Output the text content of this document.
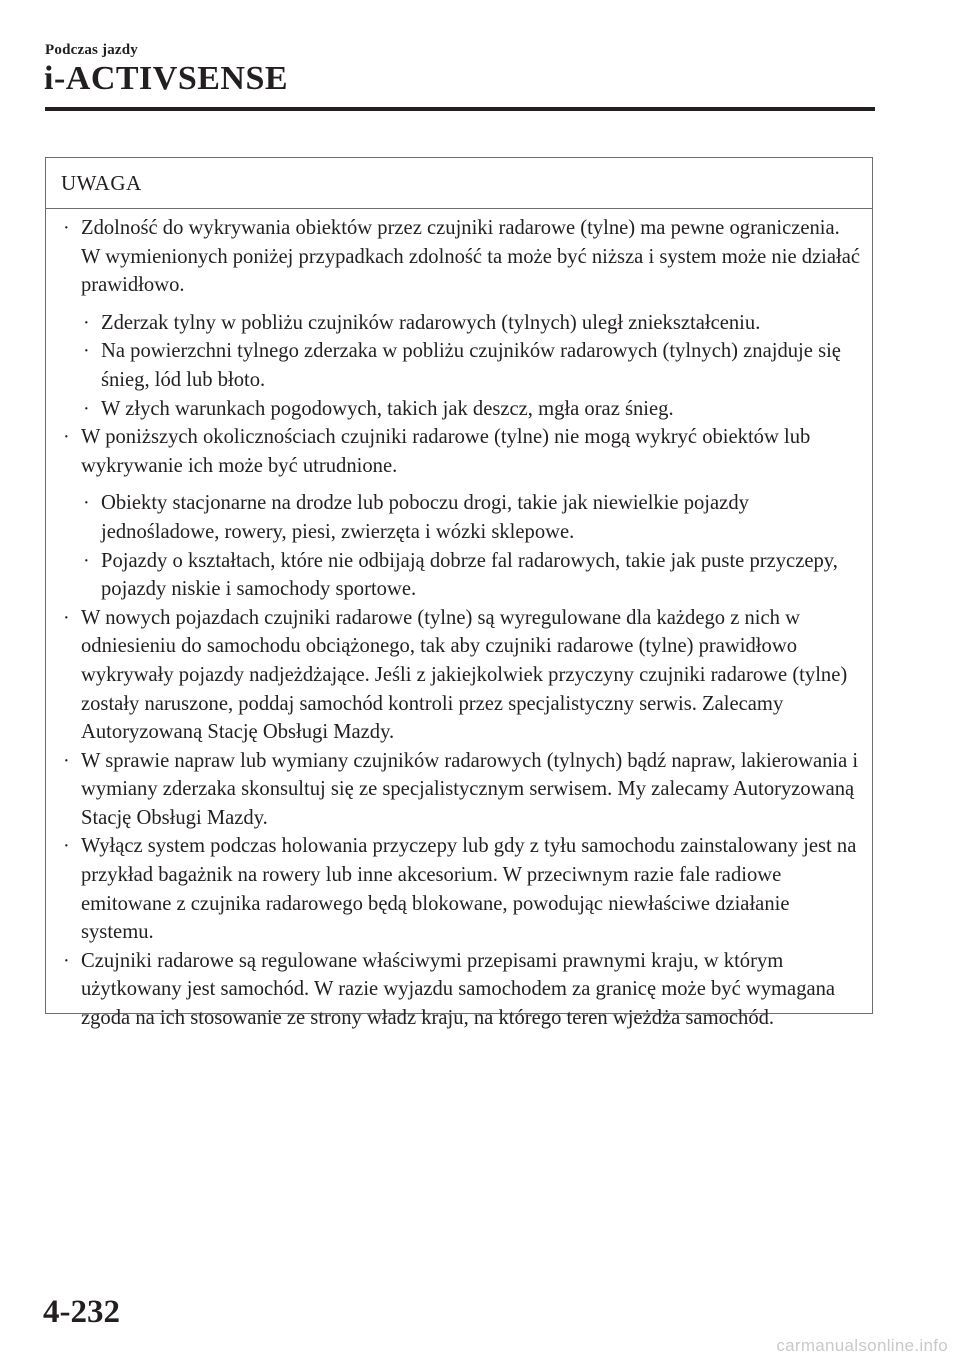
Podczas jazdy
i-ACTIVSENSE
UWAGA
· Zdolność do wykrywania obiektów przez czujniki radarowe (tylne) ma pewne ograniczenia. W wymienionych poniżej przypadkach zdolność ta może być niższa i system może nie działać prawidłowo.
· Zderzak tylny w pobliżu czujników radarowych (tylnych) uległ zniekształceniu.
· Na powierzchni tylnego zderzaka w pobliżu czujników radarowych (tylnych) znajduje się śnieg, lód lub błoto.
· W złych warunkach pogodowych, takich jak deszcz, mgła oraz śnieg.
· W poniższych okolicznościach czujniki radarowe (tylne) nie mogą wykryć obiektów lub wykrywanie ich może być utrudnione.
· Obiekty stacjonarne na drodze lub poboczu drogi, takie jak niewielkie pojazdy jednośladowe, rowery, piesi, zwierzęta i wózki sklepowe.
· Pojazdy o kształtach, które nie odbijają dobrze fal radarowych, takie jak puste przyczepy, pojazdy niskie i samochody sportowe.
· W nowych pojazdach czujniki radarowe (tylne) są wyregulowane dla każdego z nich w odniesieniu do samochodu obciążonego, tak aby czujniki radarowe (tylne) prawidłowo wykrywały pojazdy nadjeżdżające. Jeśli z jakiejkolwiek przyczyny czujniki radarowe (tylne) zostały naruszone, poddaj samochód kontroli przez specjalistyczny serwis. Zalecamy Autoryzowaną Stację Obsługi Mazdy.
· W sprawie napraw lub wymiany czujników radarowych (tylnych) bądź napraw, lakierowania i wymiany zderzaka skonsultuj się ze specjalistycznym serwisem. My zalecamy Autoryzowaną Stację Obsługi Mazdy.
· Wyłącz system podczas holowania przyczepy lub gdy z tyłu samochodu zainstalowany jest na przykład bagażnik na rowery lub inne akcesorium. W przeciwnym razie fale radiowe emitowane z czujnika radarowego będą blokowane, powodując niewłaściwe działanie systemu.
· Czujniki radarowe są regulowane właściwymi przepisami prawnymi kraju, w którym użytkowany jest samochód. W razie wyjazdu samochodem za granicę może być wymagana zgoda na ich stosowanie ze strony władz kraju, na którego teren wjeżdża samochód.
4-232
carmanualsonline.info
